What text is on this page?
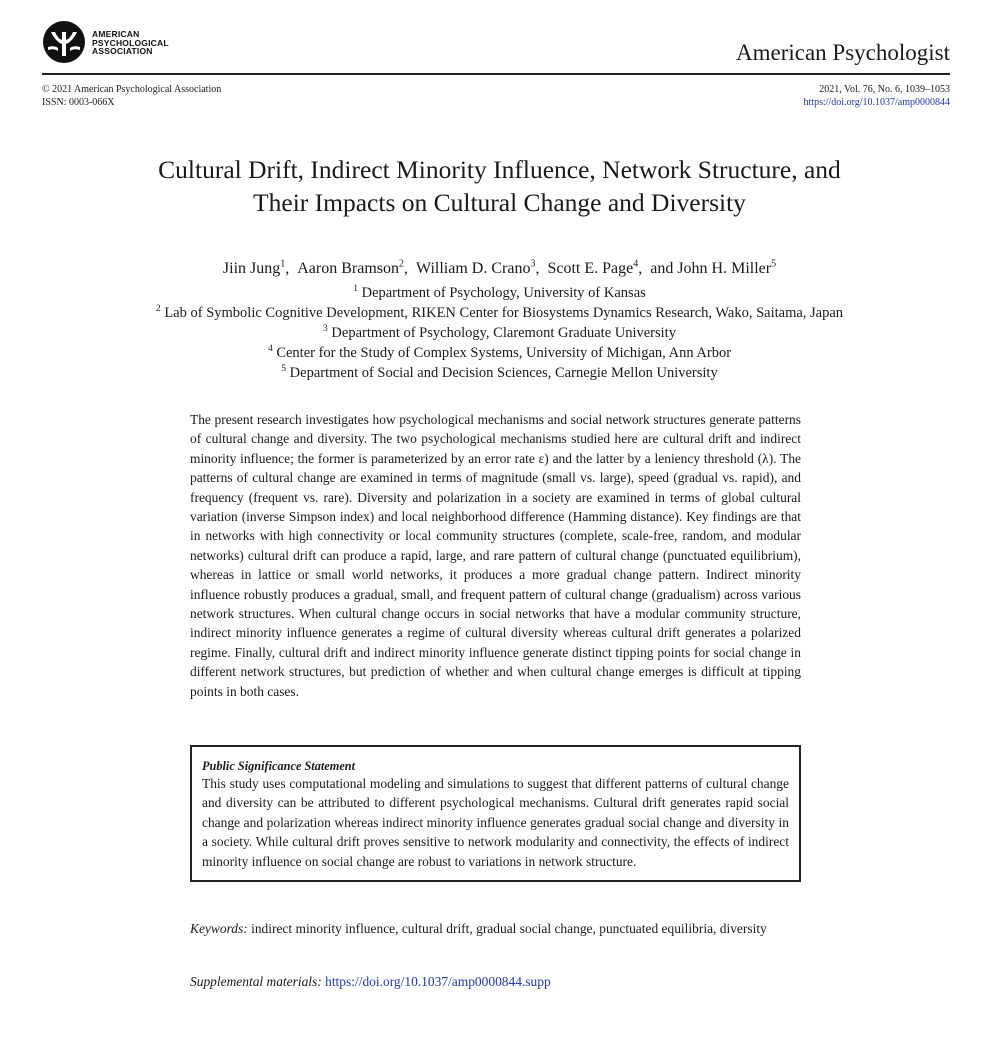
AMERICAN
PSYCHOLOGICAL
ASSOCIATION	American Psychologist
© 2021 American Psychological Association
ISSN: 0003-066X
2021, Vol. 76, No. 6, 1039–1053
https://doi.org/10.1037/amp0000844
Cultural Drift, Indirect Minority Influence, Network Structure, and
Their Impacts on Cultural Change and Diversity
Jiin Jung$^1$,  Aaron Bramson$^2$,  William D. Crano$^3$,  Scott E. Page$^4$,  and John H. Miller$^5$
$^1$ Department of Psychology, University of Kansas
$^2$ Lab of Symbolic Cognitive Development, RIKEN Center for Biosystems Dynamics Research, Wako, Saitama, Japan
$^3$ Department of Psychology, Claremont Graduate University
$^4$ Center for the Study of Complex Systems, University of Michigan, Ann Arbor
$^5$ Department of Social and Decision Sciences, Carnegie Mellon University
The present research investigates how psychological mechanisms and social network structures generate patterns of cultural change and diversity. The two psychological mechanisms studied here are cultural drift and indirect minority influence; the former is parameterized by an error rate ε) and the latter by a leniency threshold (λ). The patterns of cultural change are examined in terms of magnitude (small vs. large), speed (gradual vs. rapid), and frequency (frequent vs. rare). Diversity and polarization in a society are examined in terms of global cultural variation (inverse Simpson index) and local neighborhood difference (Hamming distance). Key findings are that in networks with high connectivity or local community structures (complete, scale-free, random, and modular networks) cultural drift can produce a rapid, large, and rare pattern of cultural change (punctuated equilibrium), whereas in lattice or small world networks, it produces a more gradual change pattern. Indirect minority influence robustly produces a gradual, small, and frequent pattern of cultural change (gradualism) across various network structures. When cultural change occurs in social networks that have a modular community structure, indirect minority influence generates a regime of cultural diversity whereas cultural drift generates a polarized regime. Finally, cultural drift and indirect minority influence generate distinct tipping points for social change in different network structures, but prediction of whether and when cultural change emerges is difficult at tipping points in both cases.
Public Significance Statement
This study uses computational modeling and simulations to suggest that different patterns of cultural change and diversity can be attributed to different psychological mechanisms. Cultural drift generates rapid social change and polarization whereas indirect minority influence generates gradual social change and diversity in a society. While cultural drift proves sensitive to network modularity and connectivity, the effects of indirect minority influence on social change are robust to variations in network structure.
Keywords: indirect minority influence, cultural drift, gradual social change, punctuated equilibria, diversity
Supplemental materials: https://doi.org/10.1037/amp0000844.supp
